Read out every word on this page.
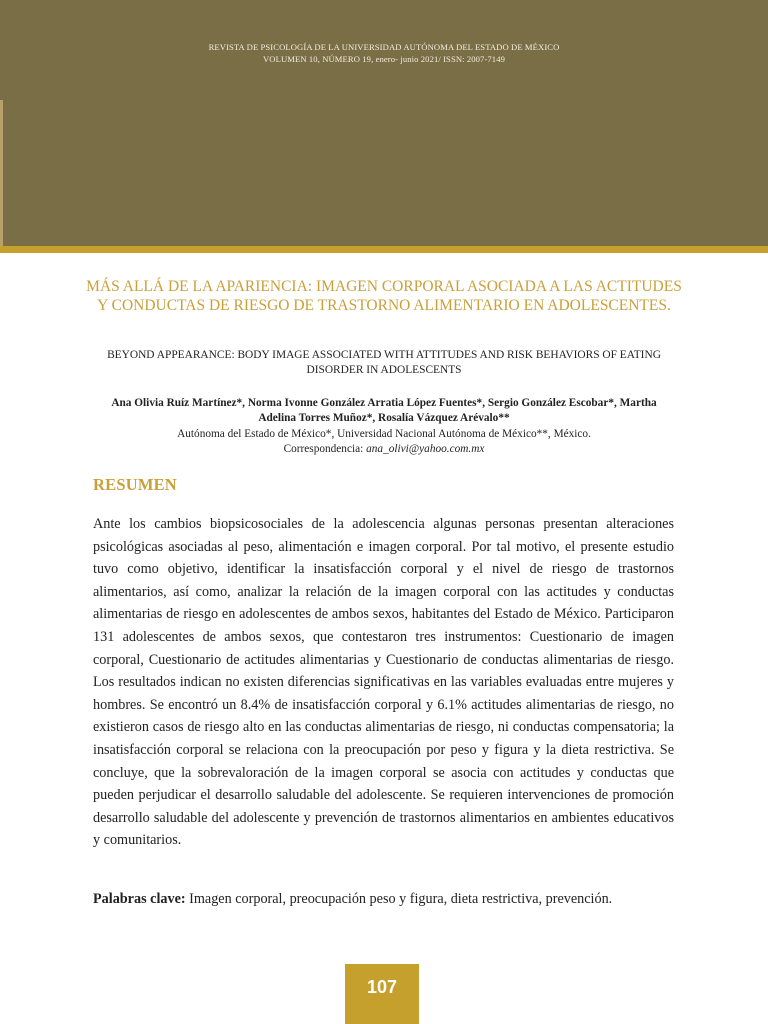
REVISTA DE PSICOLOGÍA DE LA UNIVERSIDAD AUTÓNOMA DEL ESTADO DE MÉXICO
VOLUMEN 10, NÚMERO 19, enero- junio 2021/ ISSN: 2007-7149
MÁS ALLÁ DE LA APARIENCIA: IMAGEN CORPORAL ASOCIADA A LAS ACTITUDES Y CONDUCTAS DE RIESGO DE TRASTORNO ALIMENTARIO EN ADOLESCENTES.
BEYOND APPEARANCE: BODY IMAGE ASSOCIATED WITH ATTITUDES AND RISK BEHAVIORS OF EATING DISORDER IN ADOLESCENTS
Ana Olivia Ruíz Martínez*, Norma Ivonne González Arratia López Fuentes*, Sergio González Escobar*, Martha Adelina Torres Muñoz*, Rosalía Vázquez Arévalo**
Autónoma del Estado de México*, Universidad Nacional Autónoma de México**, México.
Correspondencia: ana_olivi@yahoo.com.mx
RESUMEN

Ante los cambios biopsicosociales de la adolescencia algunas personas presentan alteraciones psicológicas asociadas al peso, alimentación e imagen corporal. Por tal motivo, el presente estudio tuvo como objetivo, identificar la insatisfacción corporal y el nivel de riesgo de trastornos alimentarios, así como, analizar la relación de la imagen corporal con las actitudes y conductas alimentarias de riesgo en adolescentes de ambos sexos, habitantes del Estado de México. Participaron 131 adolescentes de ambos sexos, que contestaron tres instrumentos: Cuestionario de imagen corporal, Cuestionario de actitudes alimentarias y Cuestionario de conductas alimentarias de riesgo. Los resultados indican no existen diferencias significativas en las variables evaluadas entre mujeres y hombres. Se encontró un 8.4% de insatisfacción corporal y 6.1% actitudes alimentarias de riesgo, no existieron casos de riesgo alto en las conductas alimentarias de riesgo, ni conductas compensatoria; la insatisfacción corporal se relaciona con la preocupación por peso y figura y la dieta restrictiva. Se concluye, que la sobrevaloración de la imagen corporal se asocia con actitudes y conductas que pueden perjudicar el desarrollo saludable del adolescente. Se requieren intervenciones de promoción desarrollo saludable del adolescente y prevención de trastornos alimentarios en ambientes educativos y comunitarios.

Palabras clave: Imagen corporal, preocupación peso y figura, dieta restrictiva, prevención.

107
